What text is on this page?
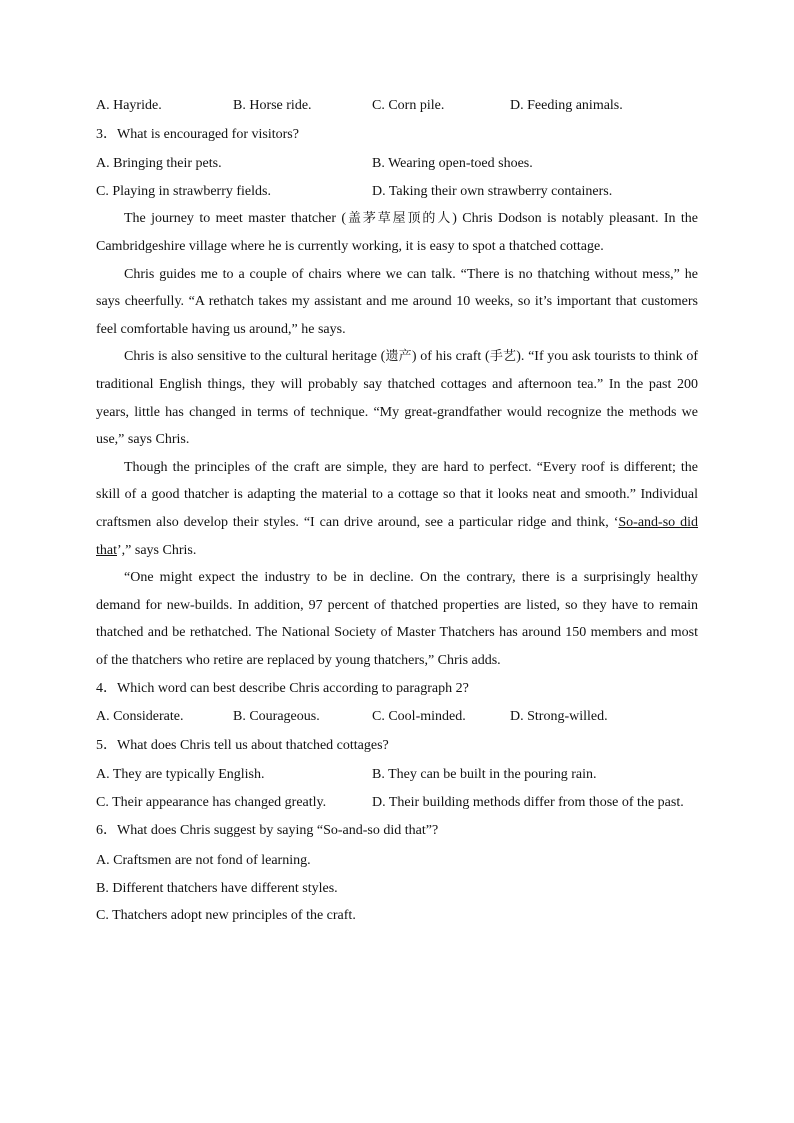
A. Hayride.	B. Horse ride.	C. Corn pile.	D. Feeding animals.
3．What is encouraged for visitors?
A. Bringing their pets.	B. Wearing open-toed shoes.
C. Playing in strawberry fields.	D. Taking their own strawberry containers.

The journey to meet master thatcher (盖茅草屋顶的人) Chris Dodson is notably pleasant. In the Cambridgeshire village where he is currently working, it is easy to spot a thatched cottage.

Chris guides me to a couple of chairs where we can talk. “There is no thatching without mess,” he says cheerfully. “A rethatch takes my assistant and me around 10 weeks, so it’s important that customers feel comfortable having us around,” he says.

Chris is also sensitive to the cultural heritage (遗产) of his craft (手艺). “If you ask tourists to think of traditional English things, they will probably say thatched cottages and afternoon tea.” In the past 200 years, little has changed in terms of technique. “My great-grandfather would recognize the methods we use,” says Chris.

Though the principles of the craft are simple, they are hard to perfect. “Every roof is different; the skill of a good thatcher is adapting the material to a cottage so that it looks neat and smooth.” Individual craftsmen also develop their styles. “I can drive around, see a particular ridge and think, ‘So-and-so did that’,” says Chris.

“One might expect the industry to be in decline. On the contrary, there is a surprisingly healthy demand for new-builds. In addition, 97 percent of thatched properties are listed, so they have to remain thatched and be rethatched. The National Society of Master Thatchers has around 150 members and most of the thatchers who retire are replaced by young thatchers,” Chris adds.

4．Which word can best describe Chris according to paragraph 2?
A. Considerate.	B. Courageous.	C. Cool-minded.	D. Strong-willed.
5．What does Chris tell us about thatched cottages?
A. They are typically English.	B. They can be built in the pouring rain.

C. Their appearance has changed greatly.	D. Their building methods differ from those of the past.

6．What does Chris suggest by saying “So-and-so did that”?
A. Craftsmen are not fond of learning.
B. Different thatchers have different styles.
C. Thatchers adopt new principles of the craft.
